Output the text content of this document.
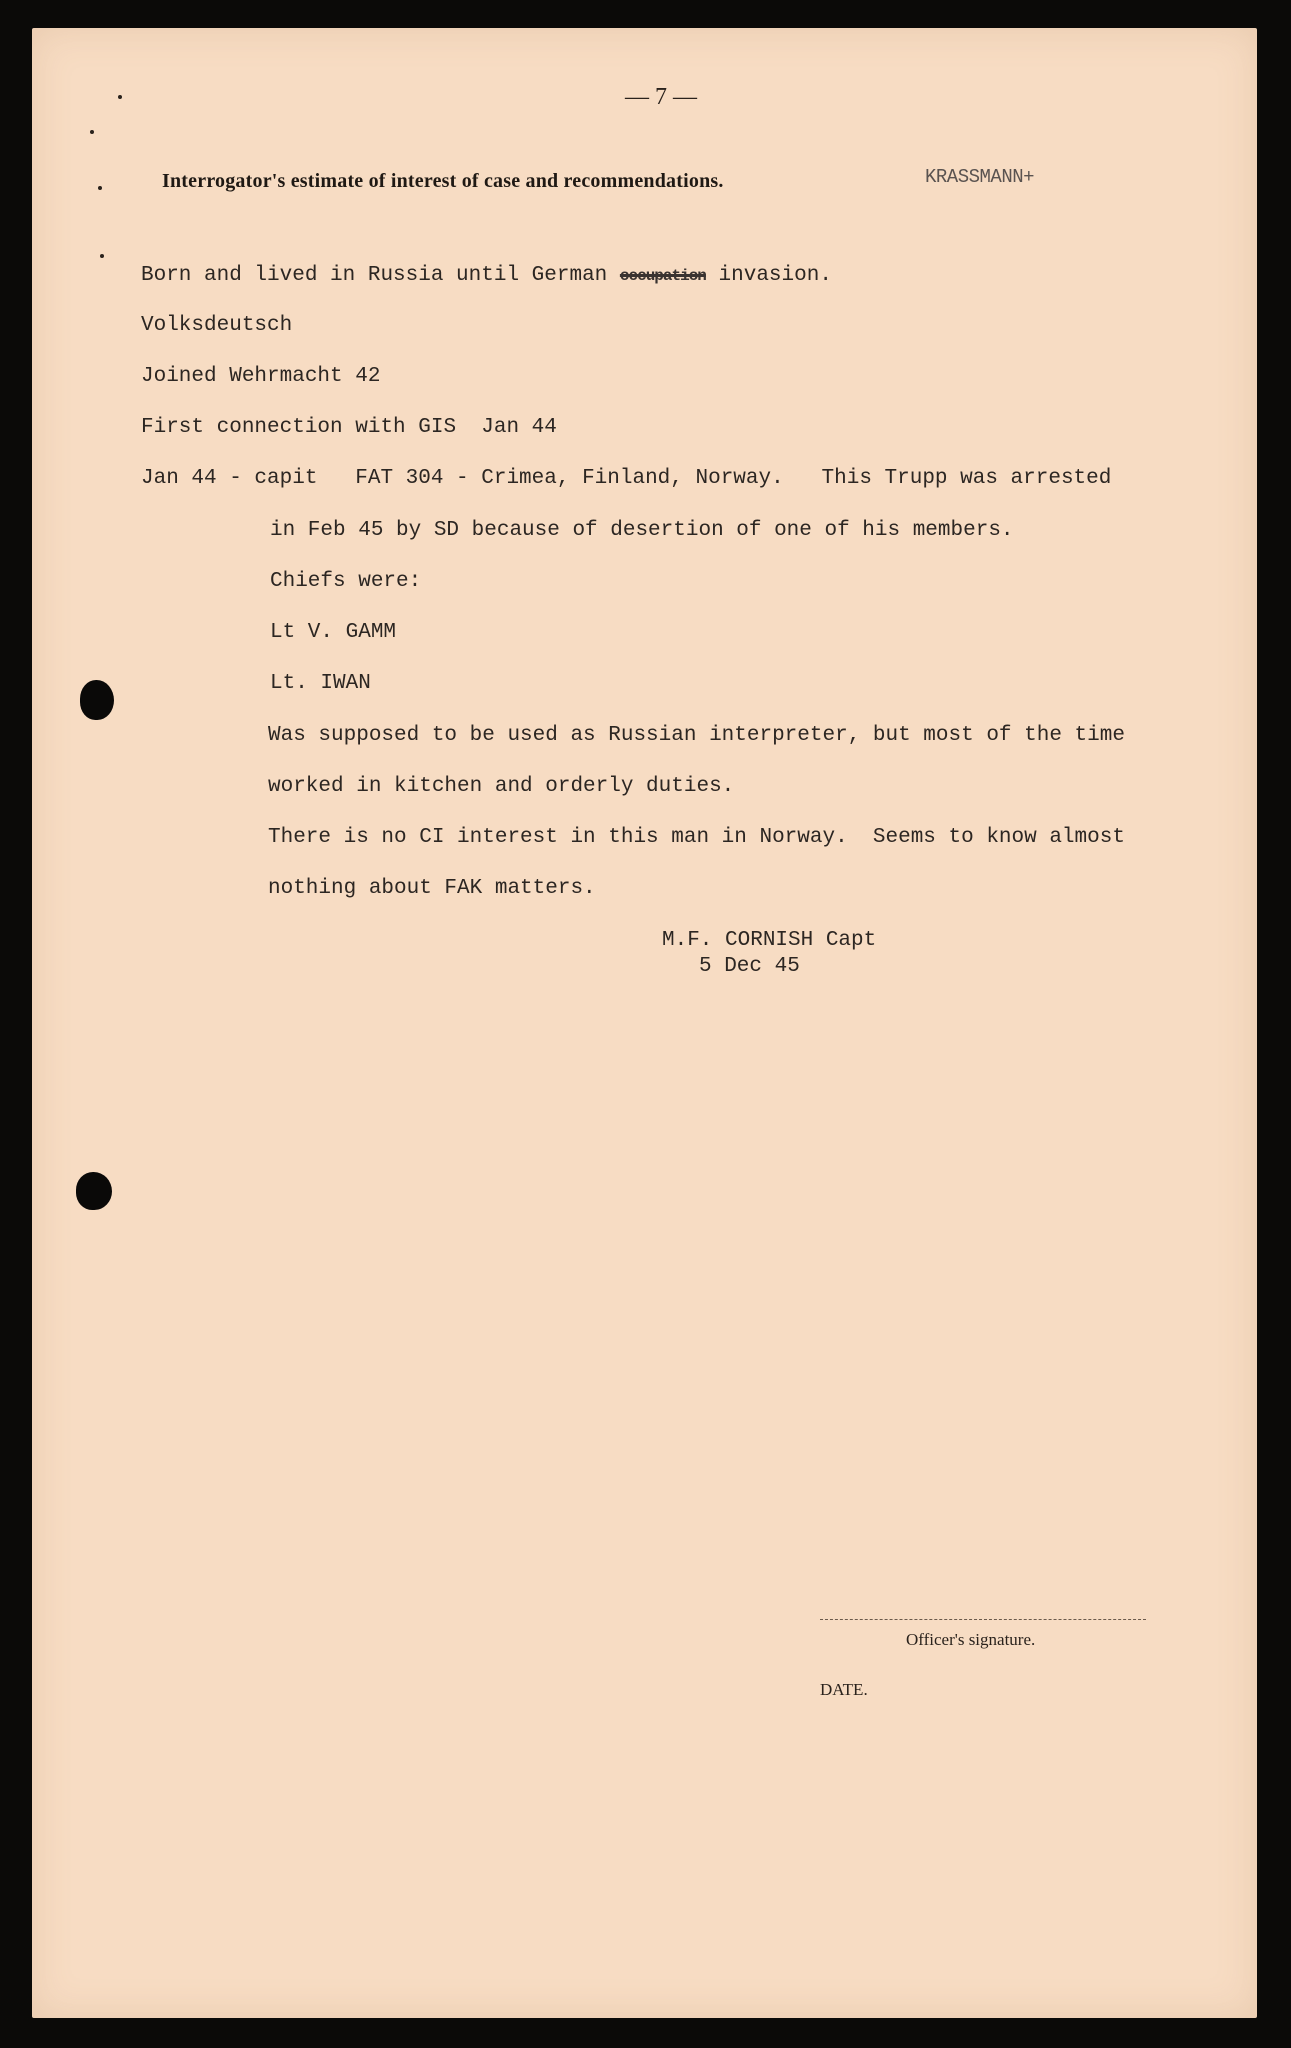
— 7 —
Interrogator's estimate of interest of case and recommendations.	KRASSMANN+
Born and lived in Russia until German occupation invasion.
Volksdeutsch
Joined Wehrmacht 42
First connection with GIS  Jan 44
Jan 44 - capit   FAT 304 - Crimea, Finland, Norway.   This Trupp was arrested
in Feb 45 by SD because of desertion of one of his members.
Chiefs were:
Lt V. GAMM
Lt. IWAN
Was supposed to be used as Russian interpreter, but most of the time
worked in kitchen and orderly duties.
There is no CI interest in this man in Norway.  Seems to know almost
nothing about FAK matters.
M.F. CORNISH Capt
5 Dec 45
Officer's signature.
DATE.
